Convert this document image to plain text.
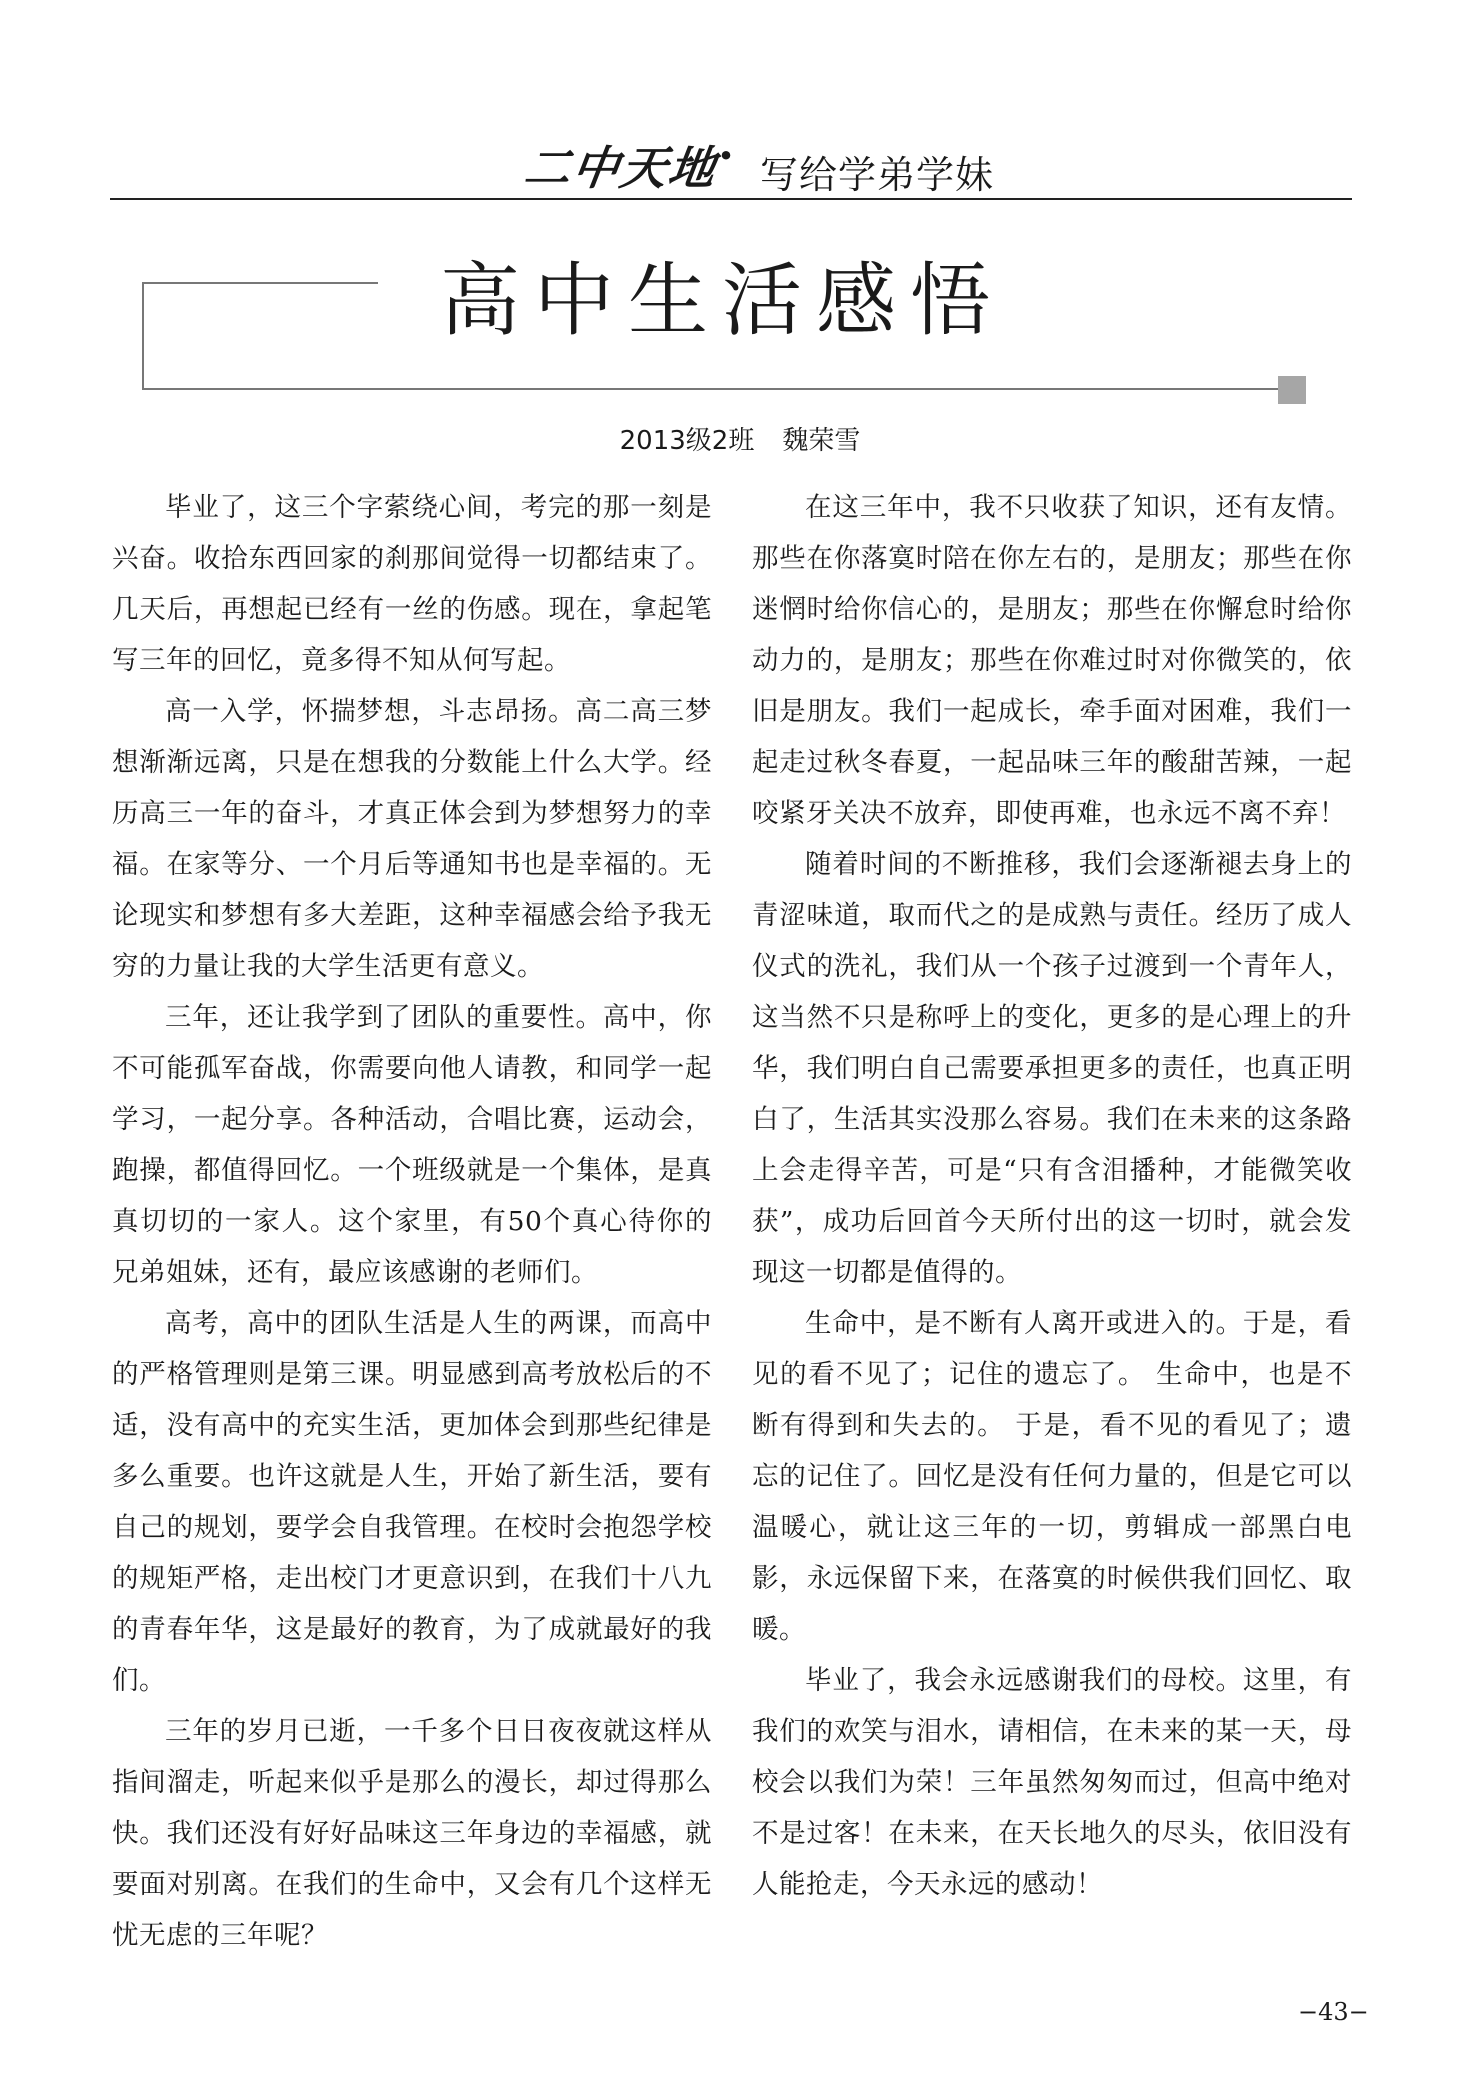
二中天地
· 写给学弟学妹
高中生活感悟
2013级2班 魏荣雪

毕业了，这三个字萦绕心间，考完的那一刻是兴奋。收拾东西回家的刹那间觉得一切都结束了。几天后，再想起已经有一丝的伤感。现在，拿起笔写三年的回忆，竟多得不知从何写起。

高一入学，怀揣梦想，斗志昂扬。高二高三梦想渐渐远离，只是在想我的分数能上什么大学。经历高三一年的奋斗，才真正体会到为梦想努力的幸福。在家等分、一个月后等通知书也是幸福的。无论现实和梦想有多大差距，这种幸福感会给予我无穷的力量让我的大学生活更有意义。

三年，还让我学到了团队的重要性。高中，你不可能孤军奋战，你需要向他人请教，和同学一起学习，一起分享。各种活动，合唱比赛，运动会，跑操，都值得回忆。一个班级就是一个集体，是真真切切的一家人。这个家里，有50个真心待你的兄弟姐妹，还有，最应该感谢的老师们。

高考，高中的团队生活是人生的两课，而高中的严格管理则是第三课。明显感到高考放松后的不适，没有高中的充实生活，更加体会到那些纪律是多么重要。也许这就是人生，开始了新生活，要有自己的规划，要学会自我管理。在校时会抱怨学校的规矩严格，走出校门才更意识到，在我们十八九的青春年华，这是最好的教育，为了成就最好的我们。

三年的岁月已逝，一千多个日日夜夜就这样从指间溜走，听起来似乎是那么的漫长，却过得那么快。我们还没有好好品味这三年身边的幸福感，就要面对别离。在我们的生命中，又会有几个这样无忧无虑的三年呢？

在这三年中，我不只收获了知识，还有友情。那些在你落寞时陪在你左右的，是朋友；那些在你迷惘时给你信心的，是朋友；那些在你懈怠时给你动力的，是朋友；那些在你难过时对你微笑的，依旧是朋友。我们一起成长，牵手面对困难，我们一起走过秋冬春夏，一起品味三年的酸甜苦辣，一起咬紧牙关决不放弃，即使再难，也永远不离不弃！

随着时间的不断推移，我们会逐渐褪去身上的青涩味道，取而代之的是成熟与责任。经历了成人仪式的洗礼，我们从一个孩子过渡到一个青年人，这当然不只是称呼上的变化，更多的是心理上的升华，我们明白自己需要承担更多的责任，也真正明白了，生活其实没那么容易。我们在未来的这条路上会走得辛苦，可是“只有含泪播种，才能微笑收获”，成功后回首今天所付出的这一切时，就会发现这一切都是值得的。

生命中，是不断有人离开或进入的。于是，看见的看不见了；记住的遗忘了。 生命中，也是不断有得到和失去的。 于是，看不见的看见了；遗忘的记住了。回忆是没有任何力量的，但是它可以温暖心，就让这三年的一切，剪辑成一部黑白电影，永远保留下来，在落寞的时候供我们回忆、取暖。

毕业了，我会永远感谢我们的母校。这里，有我们的欢笑与泪水，请相信，在未来的某一天，母校会以我们为荣！三年虽然匆匆而过，但高中绝对不是过客！在未来，在天长地久的尽头，依旧没有人能抢走，今天永远的感动！

−43−
